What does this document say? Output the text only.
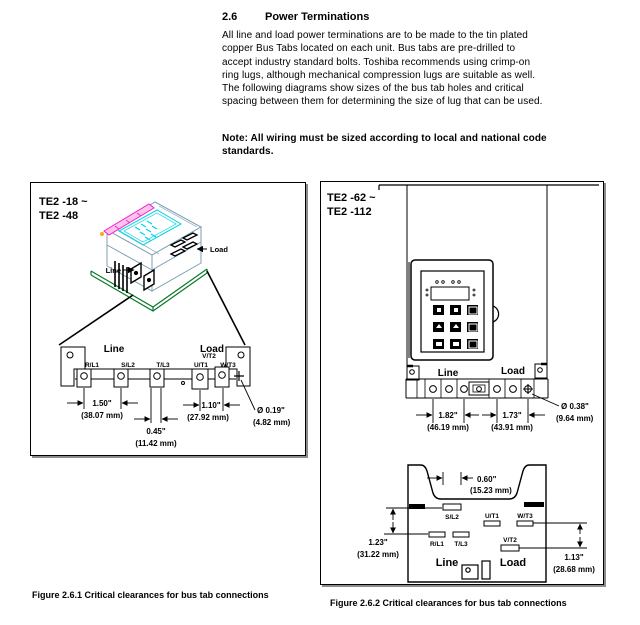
2.6	Power Terminations
All line and load power terminations are to be made to the tin plated
copper Bus Tabs located on each unit. Bus tabs are pre-drilled to
accept industry standard bolts. Toshiba recommends using crimp-on
ring lugs, although mechanical compression lugs are suitable as well.
The following diagrams show sizes of the bus tab holes and critical
spacing between them for determining the size of lug that can be used.
Note: All wiring must be sized according to local and national code
standards.
TE2 -18 ~
TE2 -48
Line
Load
Line	Load
R/L1	S/L2	T/L3	U/T1
V/T2
W/T3
1.50"
(38.07 mm)
0.45"
(11.42 mm)
1.10"
(27.92 mm)
Ø 0.19"
(4.82 mm)
Figure 2.6.1 Critical clearances for bus tab connections
TE2 -62 ~
TE2 -112
Line	Load
1.82"
(46.19 mm)
1.73"
(43.91 mm)
Ø 0.38"
(9.64 mm)
S/L2	U/T1	W/T3
R/L1 T/L3
V/T2
Line	Load
0.60"
(15.23 mm)
1.23"
(31.22 mm)	1.13"
(28.68 mm)
Figure 2.6.2 Critical clearances for bus tab connections
